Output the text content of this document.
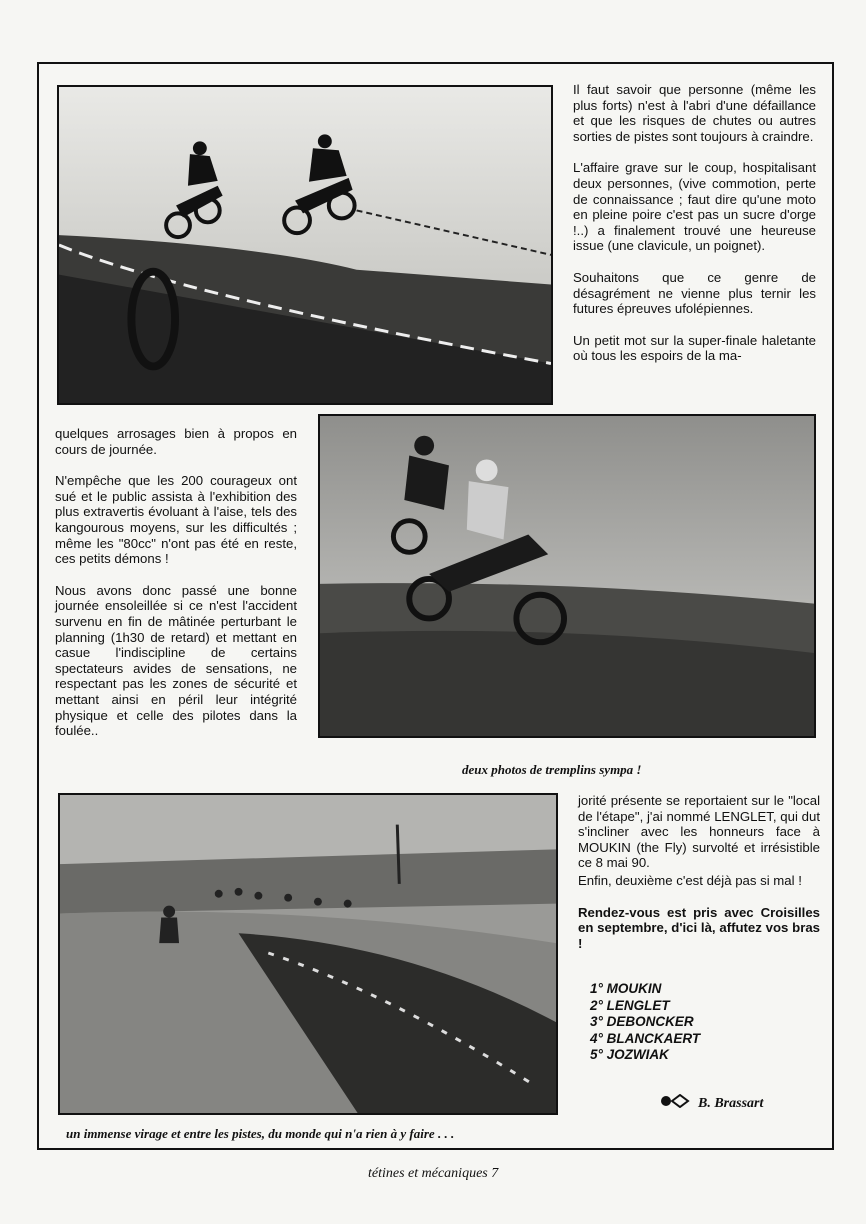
Il faut savoir que personne (même les plus forts) n'est à l'abri d'une défaillance et que les risques de chutes ou autres sorties de pistes sont toujours à craindre.

L'affaire grave sur le coup, hospitalisant deux personnes, (vive commotion, perte de connaissance ; faut dire qu'une moto en pleine poire c'est pas un sucre d'orge !..) a finalement trouvé une heureuse issue (une clavicule, un poignet).

Souhaitons que ce genre de désagrément ne vienne plus ternir les futures épreuves ufolépiennes.

Un petit mot sur la super-finale haletante où tous les espoirs de la ma-

quelques arrosages bien à propos en cours de journée.

N'empêche que les 200 courageux ont sué et le public assista à l'exhibition des plus extravertis évoluant à l'aise, tels des kangourous moyens, sur les difficultés ; même les "80cc" n'ont pas été en reste, ces petits démons !

Nous avons donc passé une bonne journée ensoleillée si ce n'est l'accident survenu en fin de mâtinée perturbant le planning (1h30 de retard) et mettant en casue l'indiscipline de certains spectateurs avides de sensations, ne respectant pas les zones de sécurité et mettant ainsi en péril leur intégrité physique et celle des pilotes dans la foulée..

deux photos de tremplins sympa !

jorité présente se reportaient sur le "local de l'étape", j'ai nommé LENGLET, qui dut s'incliner avec les honneurs face à MOUKIN (the Fly) survolté et irrésistible ce 8 mai 90.

Enfin, deuxième c'est déjà pas si mal !

Rendez-vous est pris avec Croisilles en septembre, d'ici là, affutez vos bras !

1° MOUKIN
2° LENGLET
3° DEBONCKER
4° BLANCKAERT
5° JOZWIAK
B. Brassart
un immense virage et entre les pistes, du monde qui n'a rien à y faire . . .
tétines et mécaniques 7
